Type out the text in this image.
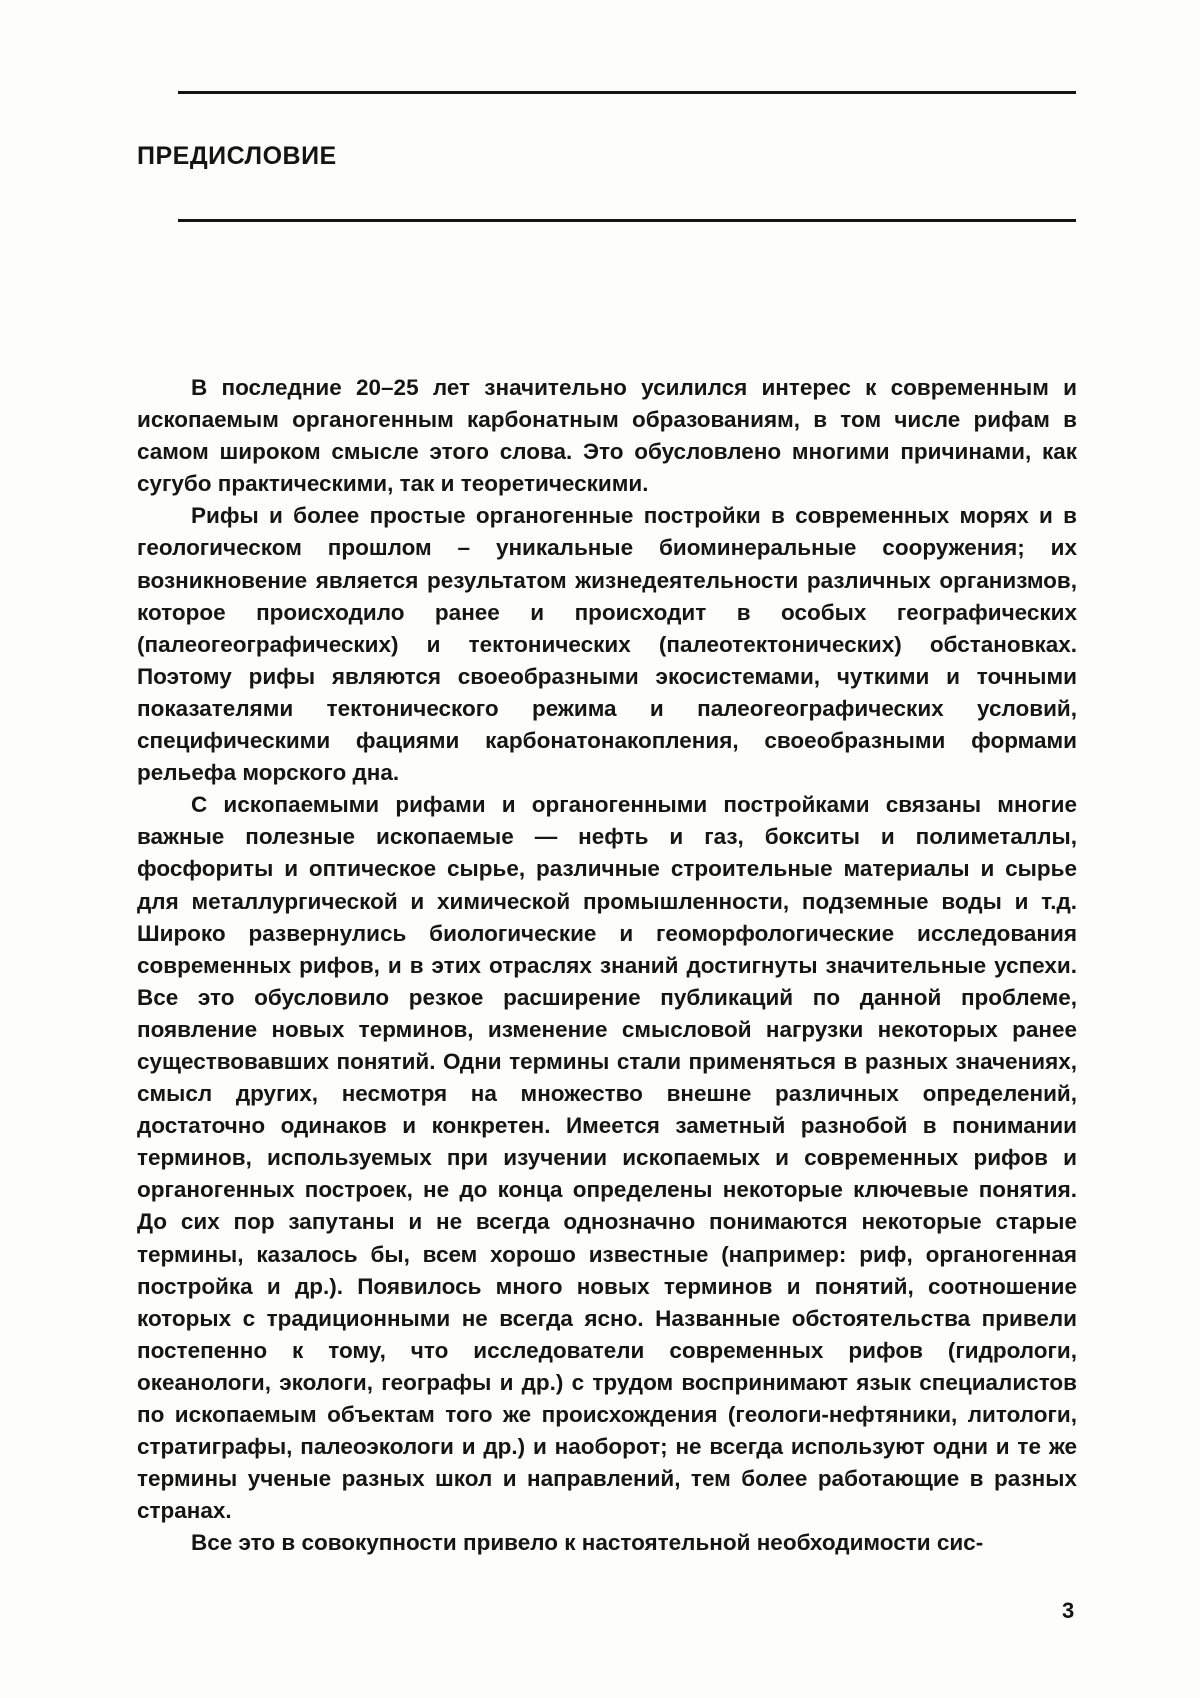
ПРЕДИСЛОВИЕ

В последние 20–25 лет значительно усилился интерес к современным и ископаемым органогенным карбонатным образованиям, в том числе рифам в самом широком смысле этого слова. Это обусловлено многими причинами, как сугубо практическими, так и теоретическими.

Рифы и более простые органогенные постройки в современных морях и в геологическом прошлом – уникальные биоминеральные сооружения; их возникновение является результатом жизнедеятельности различных организмов, которое происходило ранее и происходит в особых географических (палеогеографических) и тектонических (палеотектонических) обстановках. Поэтому рифы являются своеобразными экосистемами, чуткими и точными показателями тектонического режима и палеогеографических условий, специфическими фациями карбонатонакопления, своеобразными формами рельефа морского дна.

С ископаемыми рифами и органогенными постройками связаны многие важные полезные ископаемые — нефть и газ, бокситы и полиметаллы, фосфориты и оптическое сырье, различные строительные материалы и сырье для металлургической и химической промышленности, подземные воды и т.д. Широко развернулись биологические и геоморфологические исследования современных рифов, и в этих отраслях знаний достигнуты значительные успехи. Все это обусловило резкое расширение публикаций по данной проблеме, появление новых терминов, изменение смысловой нагрузки некоторых ранее существовавших понятий. Одни термины стали применяться в разных значениях, смысл других, несмотря на множество внешне различных определений, достаточно одинаков и конкретен. Имеется заметный разнобой в понимании терминов, используемых при изучении ископаемых и современных рифов и органогенных построек, не до конца определены некоторые ключевые понятия. До сих пор запутаны и не всегда однозначно понимаются некоторые старые термины, казалось бы, всем хорошо известные (например: риф, органогенная постройка и др.). Появилось много новых терминов и понятий, соотношение которых с традиционными не всегда ясно. Названные обстоятельства привели постепенно к тому, что исследователи современных рифов (гидрологи, океанологи, экологи, географы и др.) с трудом воспринимают язык специалистов по ископаемым объектам того же происхождения (геологи-нефтяники, литологи, стратиграфы, палеоэкологи и др.) и наоборот; не всегда используют одни и те же термины ученые разных школ и направлений, тем более работающие в разных странах.

Все это в совокупности привело к настоятельной необходимости сис-

3
